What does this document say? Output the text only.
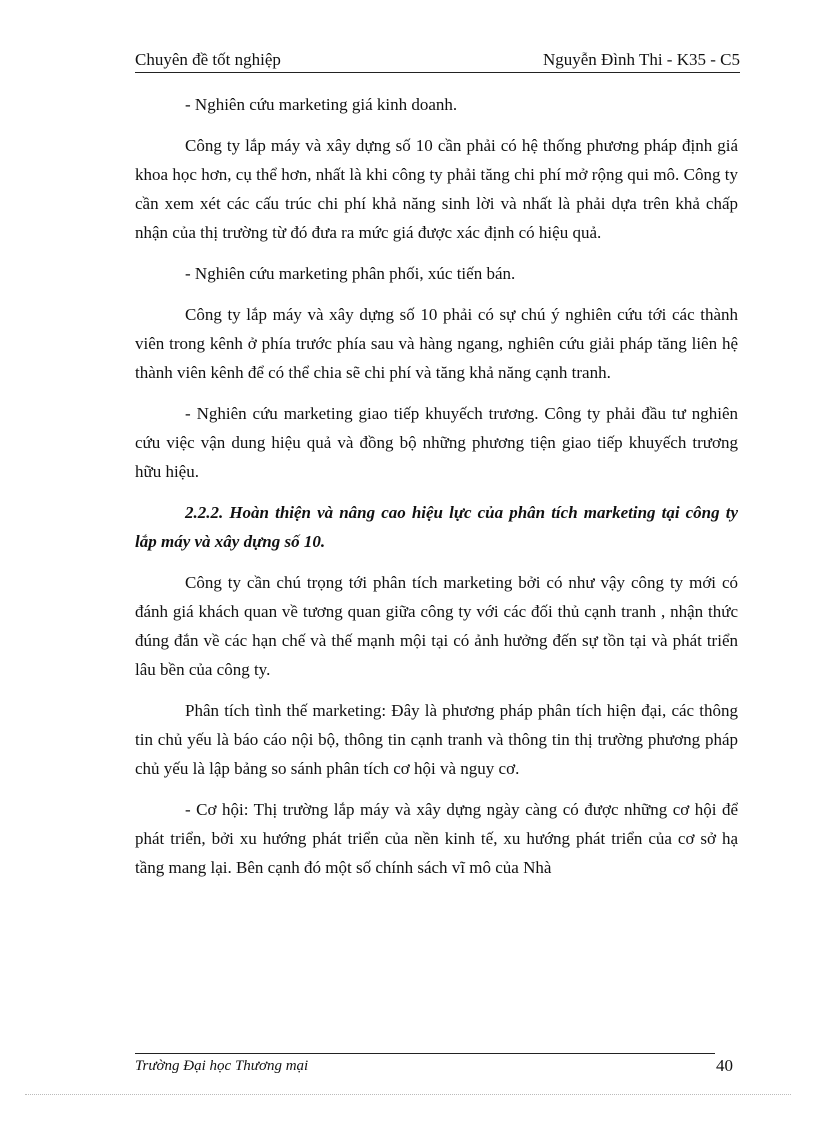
Chuyên đề tốt nghiệp	Nguyễn Đình Thi - K35 - C5

- Nghiên cứu marketing giá kinh doanh.

Công ty lắp máy và xây dựng số 10 cần phải có hệ thống phương pháp định giá khoa học hơn, cụ thể hơn, nhất là khi công ty phải tăng chi phí mở rộng qui mô. Công ty cần xem xét các cấu trúc chi phí khả năng sinh lời và nhất là phải dựa trên khả chấp nhận của thị trường từ đó đưa ra mức giá được xác định có hiệu quả.

- Nghiên cứu marketing phân phối, xúc tiến bán.

Công ty lắp máy và xây dựng số 10 phải có sự chú ý nghiên cứu tới các thành viên trong kênh ở phía trước phía sau và hàng ngang, nghiên cứu giải pháp tăng liên hệ thành viên kênh để có thể chia sẽ chi phí và tăng khả năng cạnh tranh.

- Nghiên cứu marketing giao tiếp khuyếch trương. Công ty phải đầu tư nghiên cứu việc vận dung hiệu quả và đồng bộ những phương tiện giao tiếp khuyếch trương hữu hiệu.

2.2.2. Hoàn thiện và nâng cao hiệu lực của phân tích marketing tại công ty lắp máy và xây dựng số 10.

Công ty cần chú trọng tới phân tích marketing bởi có như vậy công ty mới có đánh giá khách quan về tương quan giữa công ty với các đối thủ cạnh tranh , nhận thức đúng đắn về các hạn chế và thế mạnh mội tại có ảnh hưởng đến sự tồn tại và phát triển lâu bền của công ty.

Phân tích tình thế marketing: Đây là phương pháp phân tích hiện đại, các thông tin chủ yếu là báo cáo nội bộ, thông tin cạnh tranh và thông tin thị trường phương pháp chủ yếu là lập bảng so sánh phân tích cơ hội và nguy cơ.

- Cơ hội: Thị trường lắp máy và xây dựng ngày càng có được những cơ hội để phát triển, bởi xu hướng phát triển của nền kinh tế, xu hướng phát triển của cơ sở hạ tầng mang lại. Bên cạnh đó một số chính sách vĩ mô của Nhà

Trường Đại học Thương mại	40
